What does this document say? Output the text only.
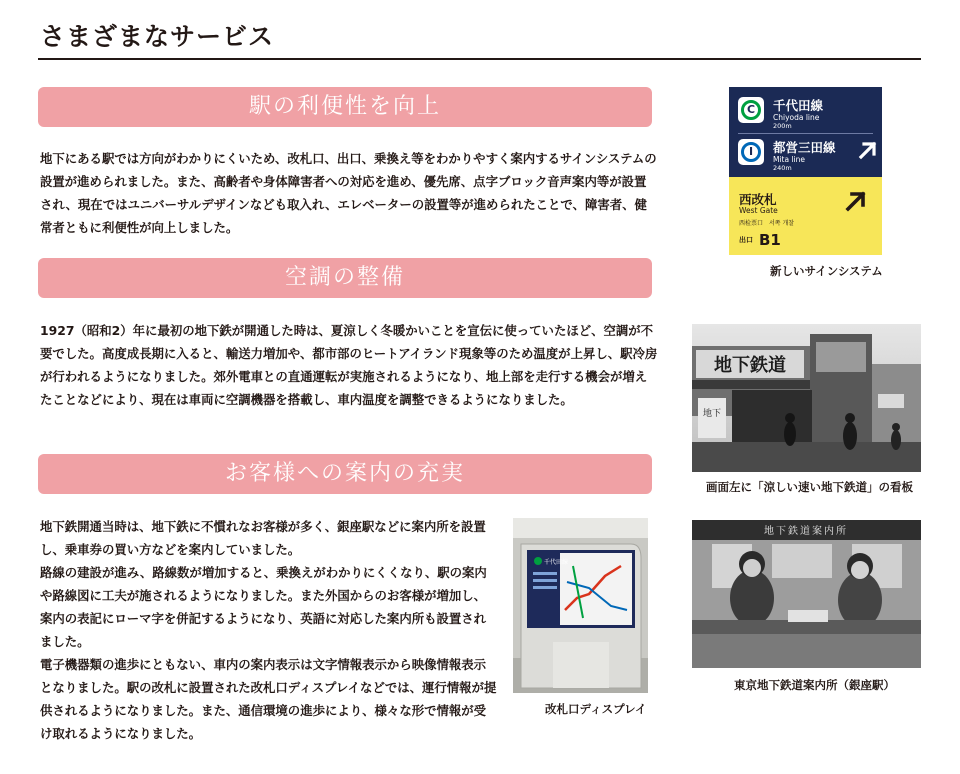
さまざまなサービス
駅の利便性を向上
地下にある駅では方向がわかりにくいため、改札口、出口、乗換え等をわかりやすく案内するサインシステムの設置が進められました。また、高齢者や身体障害者への対応を進め、優先席、点字ブロック音声案内等が設置され、現在ではユニバーサルデザインなども取入れ、エレベーターの設置等が進められたことで、障害者、健常者ともに利便性が向上しました。
空調の整備
1927（昭和2）年に最初の地下鉄が開通した時は、夏涼しく冬暖かいことを宣伝に使っていたほど、空調が不要でした。高度成長期に入ると、輸送力増加や、都市部のヒートアイランド現象等のため温度が上昇し、駅冷房が行われるようになりました。郊外電車との直通運転が実施されるようになり、地上部を走行する機会が増えたことなどにより、現在は車両に空調機器を搭載し、車内温度を調整できるようになりました。
お客様への案内の充実
地下鉄開通当時は、地下鉄に不慣れなお客様が多く、銀座駅などに案内所を設置し、乗車券の買い方などを案内していました。
路線の建設が進み、路線数が増加すると、乗換えがわかりにくくなり、駅の案内や路線図に工夫が施されるようになりました。また外国からのお客様が増加し、案内の表記にローマ字を併記するようになり、英語に対応した案内所も設置されました。
電子機器類の進歩にともない、車内の案内表示は文字情報表示から映像情報表示となりました。駅の改札に設置された改札口ディスプレイなどでは、運行情報が提供されるようになりました。また、通信環境の進歩により、様々な形で情報が受け取れるようになりました。
C	千代田線
Chiyoda line
200m
I	都営三田線
Mita line
240m
西改札
West Gate
西检票口　서쪽 개찰
出口 B1
新しいサインシステム
地下鉄道
地下
画面左に「涼しい速い地下鉄道」の看板
地下鉄道案内所
東京地下鉄道案内所（銀座駅）
千代田線
改札口ディスプレイ
